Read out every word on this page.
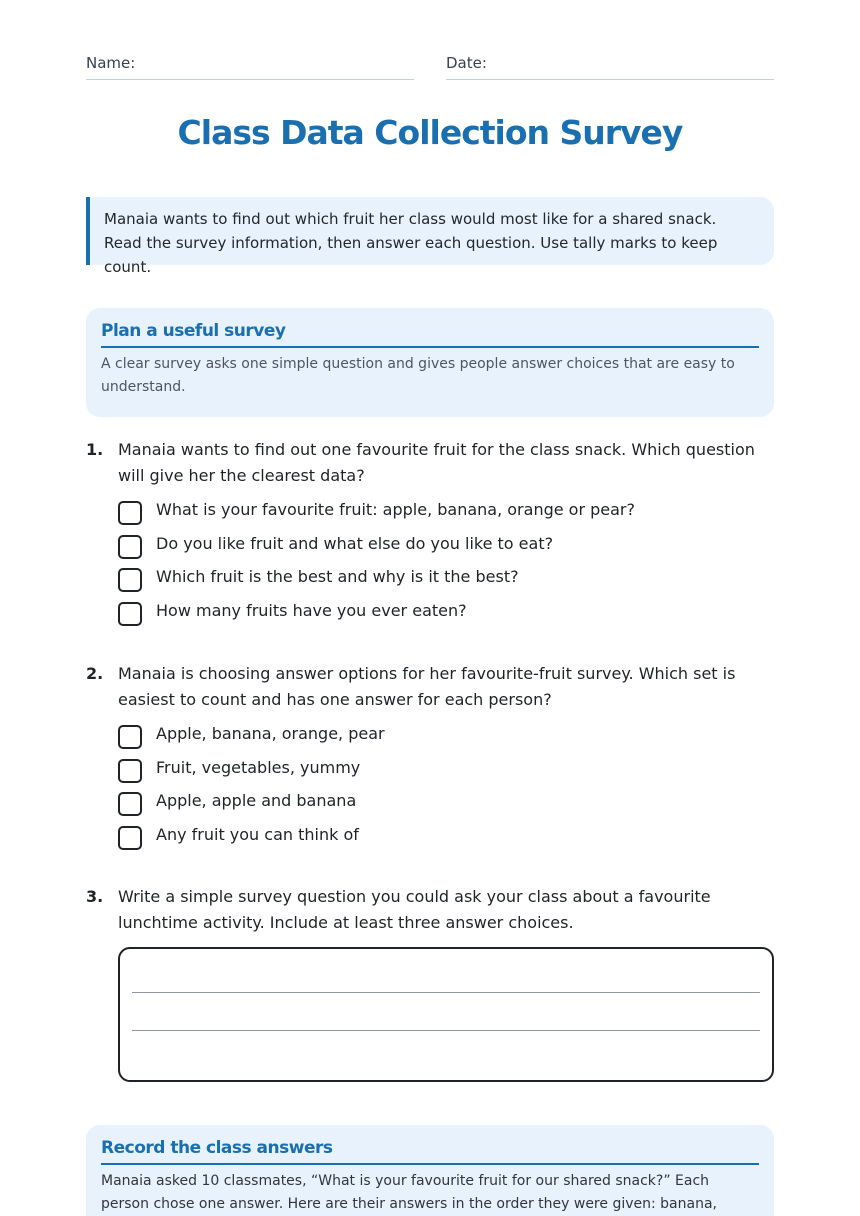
Name:	Date:
Class Data Collection Survey
Manaia wants to find out which fruit her class would most like for a shared snack. Read the survey information, then answer each question. Use tally marks to keep count.
Plan a useful survey
A clear survey asks one simple question and gives people answer choices that are easy to understand.
1. Manaia wants to find out one favourite fruit for the class snack. Which question will give her the clearest data?
What is your favourite fruit: apple, banana, orange or pear?
Do you like fruit and what else do you like to eat?
Which fruit is the best and why is it the best?
How many fruits have you ever eaten?
2. Manaia is choosing answer options for her favourite-fruit survey. Which set is easiest to count and has one answer for each person?
Apple, banana, orange, pear
Fruit, vegetables, yummy
Apple, apple and banana
Any fruit you can think of
3. Write a simple survey question you could ask your class about a favourite lunchtime activity. Include at least three answer choices.
Record the class answers
Manaia asked 10 classmates, “What is your favourite fruit for our shared snack?” Each person chose one answer. Here are their answers in the order they were given: banana,
